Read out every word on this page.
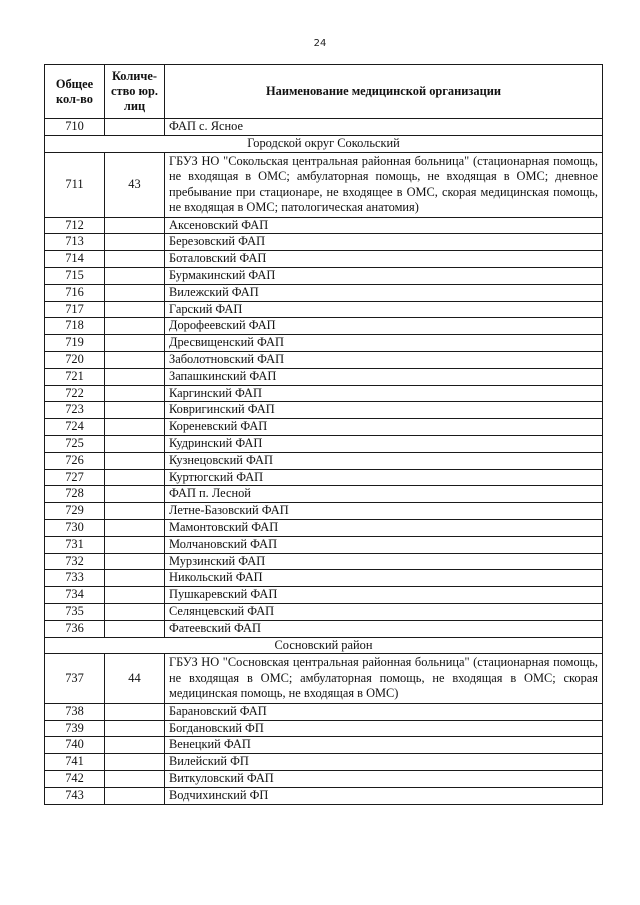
24
Общее кол-во	Количе-ство юр. лиц	Наименование медицинской организации
710		ФАП с. Ясное
Городской округ Сокольский		
711	43	ГБУЗ НО "Сокольская центральная районная больница" (стационарная помощь, не входящая в ОМС; амбулаторная помощь, не входящая в ОМС; дневное пребывание при стационаре, не входящее в ОМС, скорая медицинская помощь, не входящая в ОМС; патологическая анатомия)
712		Аксеновский ФАП
713		Березовский ФАП
714		Боталовский ФАП
715		Бурмакинский ФАП
716		Вилежский ФАП
717		Гарский ФАП
718		Дорофеевский ФАП
719		Дресвищенский ФАП
720		Заболотновский ФАП
721		Запашкинский ФАП
722		Каргинский ФАП
723		Ковригинский ФАП
724		Кореневский ФАП
725		Кудринский ФАП
726		Кузнецовский ФАП
727		Куртюгский ФАП
728		ФАП п. Лесной
729		Летне-Базовский ФАП
730		Мамонтовский ФАП
731		Молчановский ФАП
732		Мурзинский ФАП
733		Никольский ФАП
734		Пушкаревский ФАП
735		Селянцевский ФАП
736		Фатеевский ФАП
Сосновский район		
737	44	ГБУЗ НО "Сосновская центральная районная больница" (стационарная помощь, не входящая в ОМС; амбулаторная помощь, не входящая в ОМС; скорая медицинская помощь, не входящая в ОМС)
738		Барановский ФАП
739		Богдановский ФП
740		Венецкий ФАП
741		Вилейский ФП
742		Виткуловский ФАП
743		Водчихинский ФП
